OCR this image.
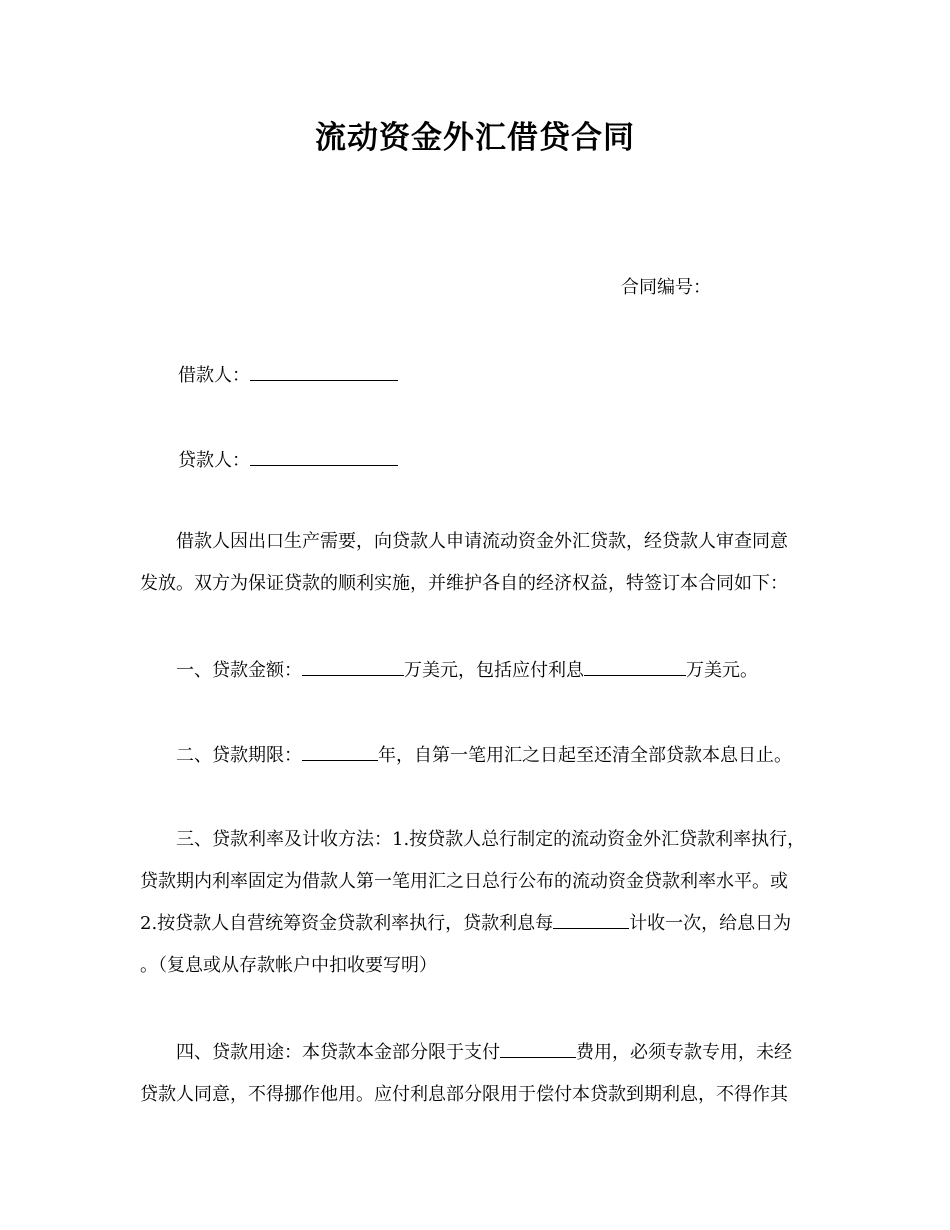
流动资金外汇借贷合同
合同编号：
借款人：
贷款人：
借款人因出口生产需要，向贷款人申请流动资金外汇贷款，经贷款人审查同意
发放。双方为保证贷款的顺利实施，并维护各自的经济权益，特签订本合同如下：
一、贷款金额：	万美元，包括应付利息	万美元。
二、贷款期限：	年，自第一笔用汇之日起至还清全部贷款本息日止。
三、贷款利率及计收方法：1.按贷款人总行制定的流动资金外汇贷款利率执行，
贷款期内利率固定为借款人第一笔用汇之日总行公布的流动资金贷款利率水平。或
2.按贷款人自营统筹资金贷款利率执行，贷款利息每	计收一次，给息日为
。（复息或从存款帐户中扣收要写明）
四、贷款用途：本贷款本金部分限于支付	费用，必须专款专用，未经
贷款人同意，不得挪作他用。应付利息部分限用于偿付本贷款到期利息，不得作其
